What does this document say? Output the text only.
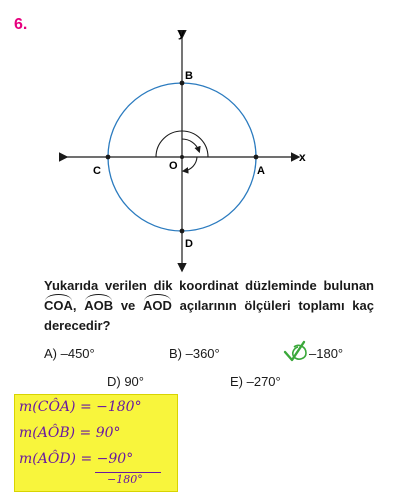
6.	y
x
B
C	O	A
D
Yukarıda verilen dik koordinat düzleminde bulunan COA, AOB ve AOD açılarının ölçüleri toplamı kaç derecedir?
A) –450°	B) –360°	–180°
D) 90°	E) –270°
m(CÔA) = −180°
m(AÔB) = 90°
m(AÔD) = −90°
−180°
